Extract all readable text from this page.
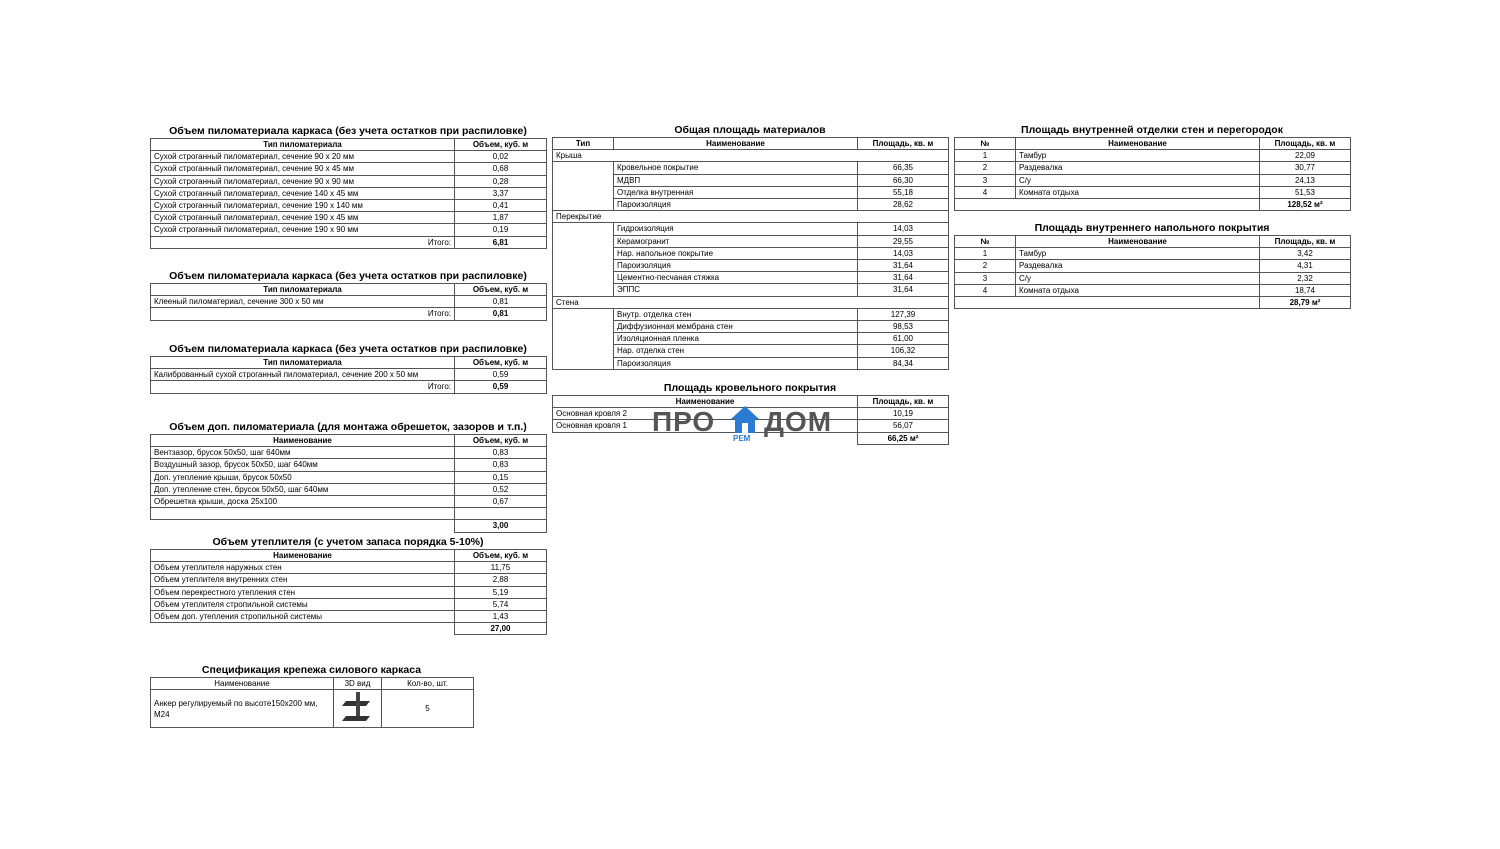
Объем пиломатериала каркаса (без учета остатков при распиловке)
Тип пиломатериала	Объем, куб. м
Сухой строганный пиломатериал, сечение 90 x 20 мм	0,02
Сухой строганный пиломатериал, сечение 90 x 45 мм	0,68
Сухой строганный пиломатериал, сечение 90 x 90 мм	0,28
Сухой строганный пиломатериал, сечение 140 x 45 мм	3,37
Сухой строганный пиломатериал, сечение 190 x 140 мм	0,41
Сухой строганный пиломатериал, сечение 190 x 45 мм	1,87
Сухой строганный пиломатериал, сечение 190 x 90 мм	0,19
Итого:	6,81
Объем пиломатериала каркаса (без учета остатков при распиловке)
Тип пиломатериала	Объем, куб. м
Клееный пиломатериал, сечение 300 x 50 мм	0,81
Итого:	0,81
Объем пиломатериала каркаса (без учета остатков при распиловке)
Тип пиломатериала	Объем, куб. м
Калиброванный сухой строганный пиломатериал, сечение 200 x 50 мм	0,59
Итого:	0,59
Объем доп. пиломатериала (для монтажа обрешеток, зазоров и т.п.)
Наименование	Объем, куб. м
Вентзазор, брусок 50x50, шаг 640мм	0,83
Воздушный зазор, брусок 50x50, шаг 640мм	0,83
Доп. утепление крыши, брусок 50x50	0,15
Доп. утепление стен, брусок 50x50, шаг 640мм	0,52
Обрешетка крыши, доска 25x100	0,67

	3,00
Объем утеплителя (с учетом запаса порядка 5-10%)
Наименование	Объем, куб. м
Объем утеплителя наружных стен	11,75
Объем утеплителя внутренних стен	2,88
Объем перекрестного утепления стен	5,19
Объем утеплителя стропильной системы	5,74
Объем доп. утепления стропильной системы	1,43
	27,00
Спецификация крепежа силового каркаса
Наименование	3D вид	Кол-во, шт.

Анкер регулируемый по высоте150x200 мм,
M24		5
Общая площадь материалов
Тип	Наименование	Площадь, кв. м
Крыша		
	Кровельное покрытие	66,35
	МДВП	66,30
	Отделка внутренная	55,18
	Пароизоляция	28,62
Перекрытие		
	Гидроизоляция	14,03
	Керамогранит	29,55
	Нар. напольное покрытие	14,03
	Пароизоляция	31,64
	Цементно-песчаная стяжка	31,64
	ЭППС	31,64
Стена		
	Внутр. отделка стен	127,39
	Диффузионная мембрана стен	98,53
	Изоляционная пленка	61,00
	Нар. отделка стен	106,32
	Пароизоляция	84,34
Площадь кровельного покрытия
Наименование	Площадь, кв. м
Основная кровля 2	10,19
Основная кровля 1	56,07
	66,25 м²
ПРО
РЕМ
ДОМ
Площадь внутренней отделки стен и перегородок
№	Наименование	Площадь, кв. м
1	Тамбур	22,09
2	Раздевалка	30,77
3	С/у	24,13
4	Комната отдыха	51,53
		128,52 м²
Площадь внутреннего напольного покрытия
№	Наименование	Площадь, кв. м
1	Тамбур	3,42
2	Раздевалка	4,31
3	С/у	2,32
4	Комната отдыха	18,74
		28,79 м²
